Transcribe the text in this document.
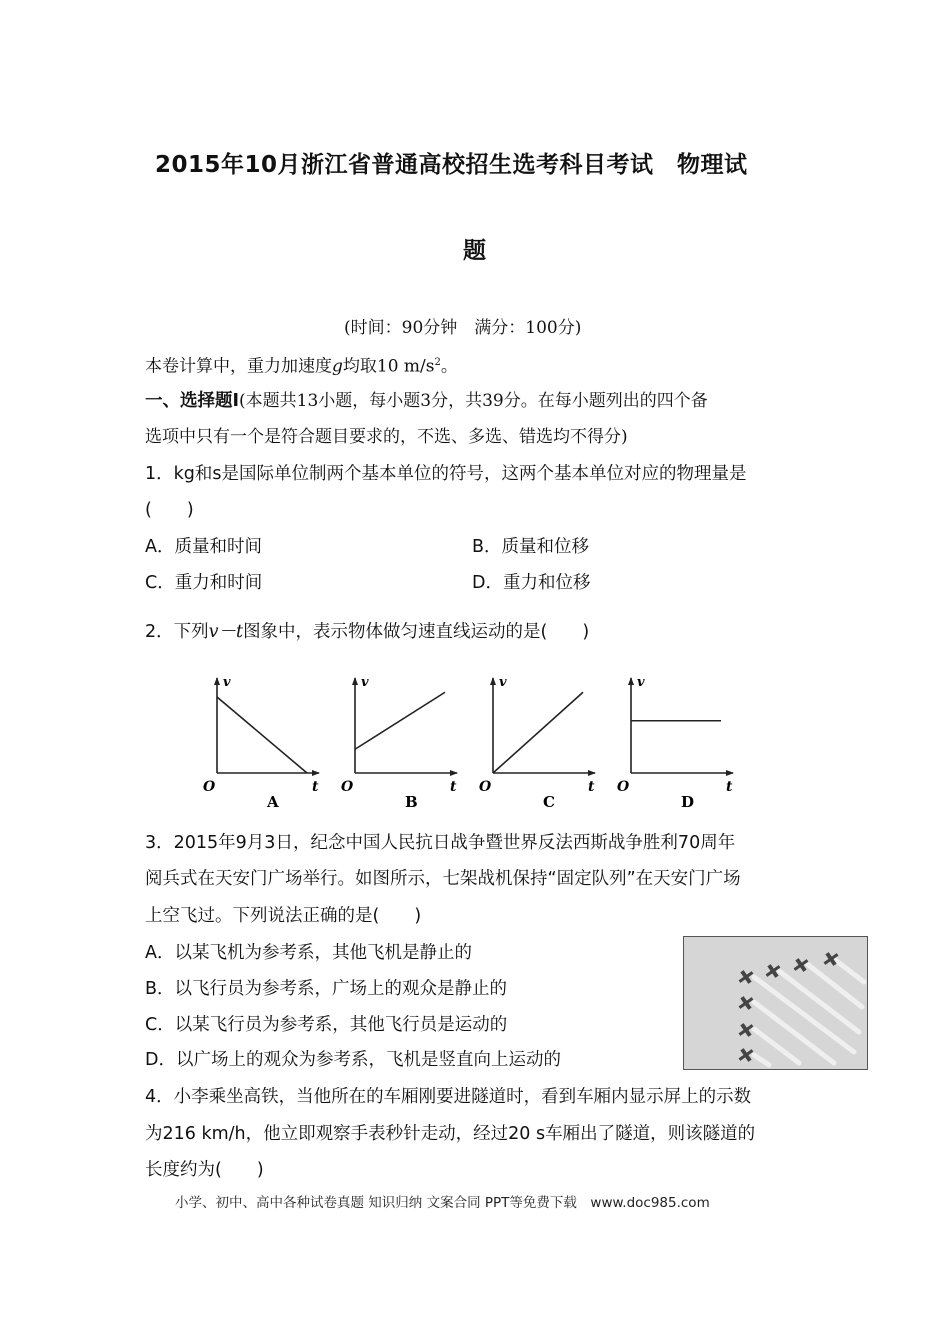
2015年10月浙江省普通高校招生选考科目考试　物理试
题
(时间：90分钟　满分：100分)
本卷计算中，重力加速度g均取10 $m/s^2$。
一、选择题Ⅰ(本题共13小题，每小题3分，共39分。在每小题列出的四个备
选项中只有一个是符合题目要求的，不选、多选、错选均不得分)
1．kg和s是国际单位制两个基本单位的符号，这两个基本单位对应的物理量是
(　　)
A．质量和时间	B．质量和位移
C．重力和时间	D．重力和位移
2．下列v－t图象中，表示物体做匀速直线运动的是(　　)
v
t
O
A
v
t
O
B
v
t
O
C
v
t
O
D
3．2015年9月3日，纪念中国人民抗日战争暨世界反法西斯战争胜利70周年
阅兵式在天安门广场举行。如图所示，七架战机保持“固定队列”在天安门广场
上空飞过。下列说法正确的是(　　)
A．以某飞机为参考系，其他飞机是静止的
B．以飞行员为参考系，广场上的观众是静止的
C．以某飞行员为参考系，其他飞行员是运动的
D．以广场上的观众为参考系，飞机是竖直向上运动的
4．小李乘坐高铁，当他所在的车厢刚要进隧道时，看到车厢内显示屏上的示数
为216 km/h，他立即观察手表秒针走动，经过20 s车厢出了隧道，则该隧道的
长度约为(　　)
小学、初中、高中各种试卷真题 知识归纳 文案合同 PPT等免费下载　www.doc985.com
